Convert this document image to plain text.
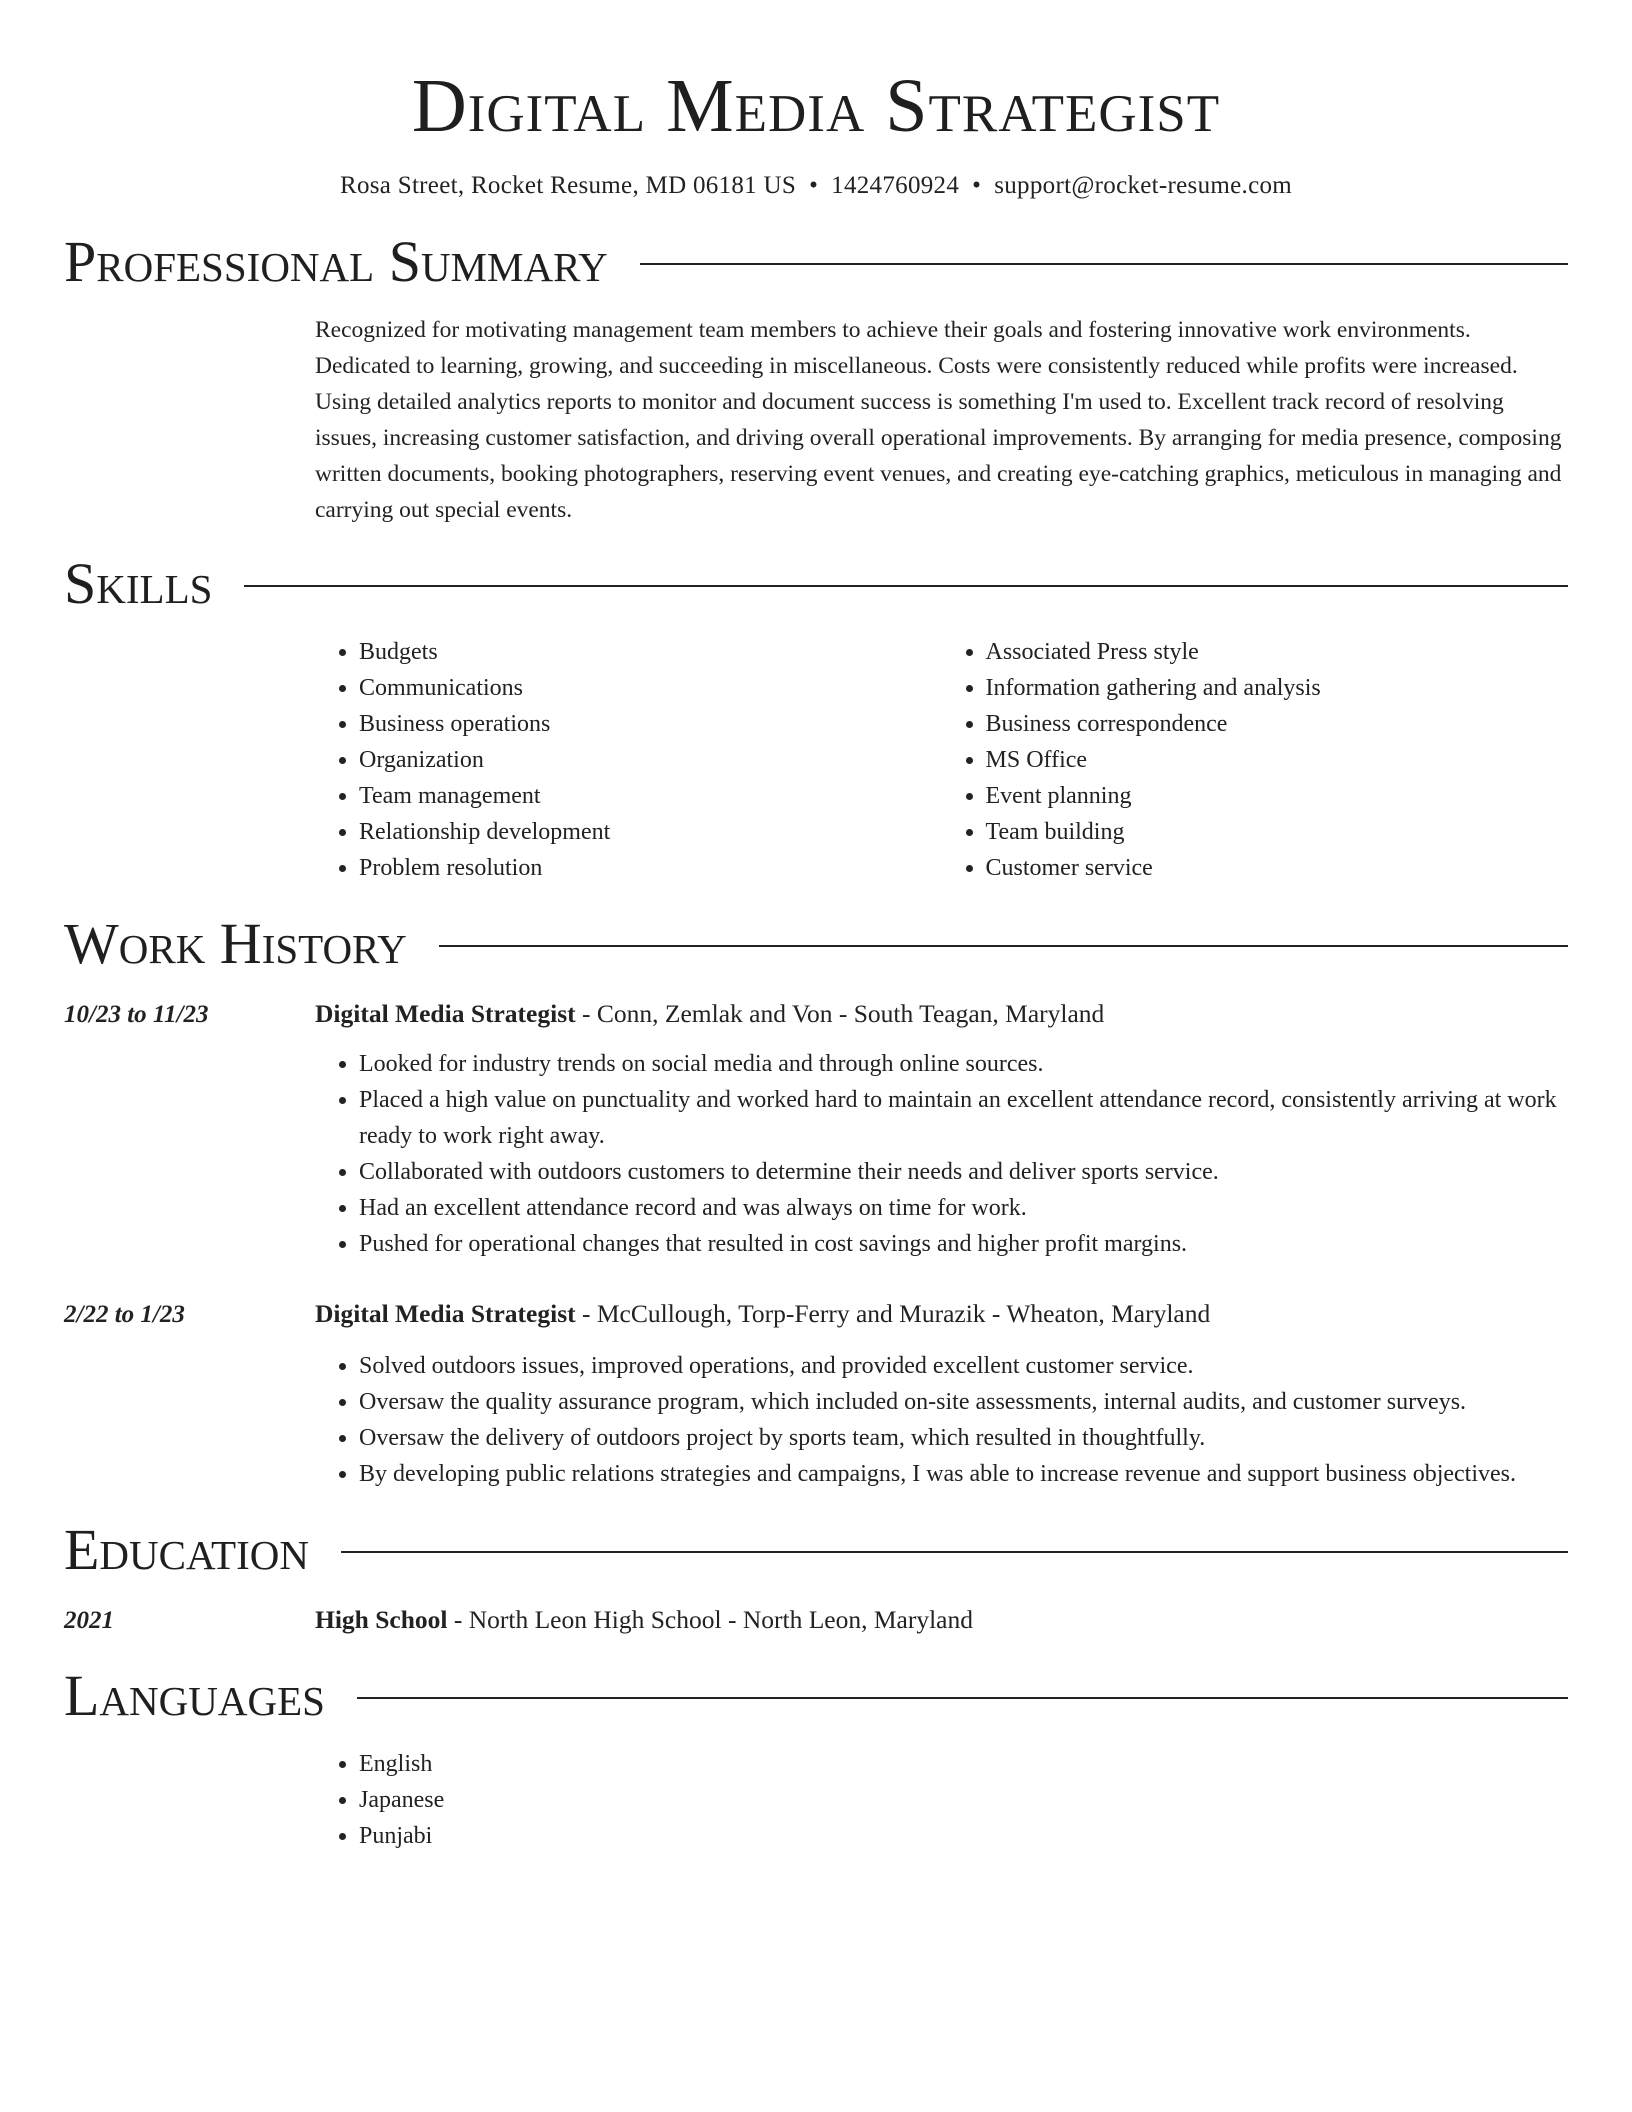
Digital Media Strategist
Rosa Street, Rocket Resume, MD 06181 US • 1424760924 • support@rocket-resume.com
Professional Summary

Recognized for motivating management team members to achieve their goals and fostering innovative work environments. Dedicated to learning, growing, and succeeding in miscellaneous. Costs were consistently reduced while profits were increased. Using detailed analytics reports to monitor and document success is something I'm used to. Excellent track record of resolving issues, increasing customer satisfaction, and driving overall operational improvements. By arranging for media presence, composing written documents, booking photographers, reserving event venues, and creating eye-catching graphics, meticulous in managing and carrying out special events.

Skills
• Budgets
• Communications
• Business operations
• Organization
• Team management
• Relationship development
• Problem resolution
• Associated Press style
• Information gathering and analysis
• Business correspondence
• MS Office
• Event planning
• Team building
• Customer service
Work History
10/23 to 11/23	Digital Media Strategist - Conn, Zemlak and Von - South Teagan, Maryland
• Looked for industry trends on social media and through online sources.
• Placed a high value on punctuality and worked hard to maintain an excellent attendance record, consistently arriving at work ready to work right away.
• Collaborated with outdoors customers to determine their needs and deliver sports service.
• Had an excellent attendance record and was always on time for work.
• Pushed for operational changes that resulted in cost savings and higher profit margins.
2/22 to 1/23	Digital Media Strategist - McCullough, Torp-Ferry and Murazik - Wheaton, Maryland
• Solved outdoors issues, improved operations, and provided excellent customer service.
• Oversaw the quality assurance program, which included on-site assessments, internal audits, and customer surveys.
• Oversaw the delivery of outdoors project by sports team, which resulted in thoughtfully.
• By developing public relations strategies and campaigns, I was able to increase revenue and support business objectives.
Education
2021	High School - North Leon High School - North Leon, Maryland
Languages
• English
• Japanese
• Punjabi
